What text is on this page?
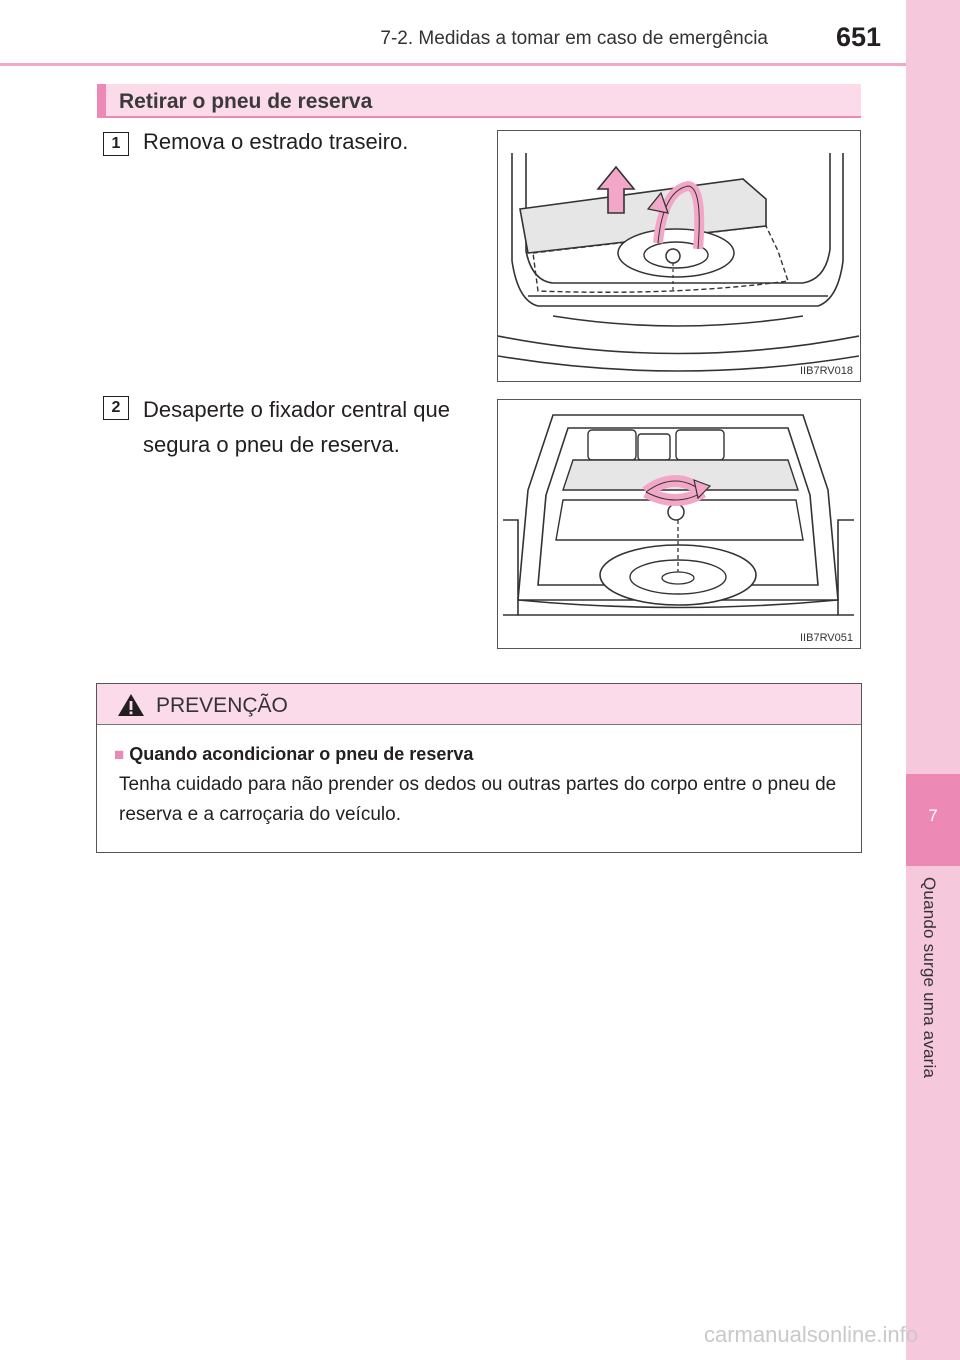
7-2. Medidas a tomar em caso de emergência	651
7
Quando surge uma avaria
Retirar o pneu de reserva
1	Remova o estrado traseiro.
IIB7RV018
2	Desaperte o fixador central que segura o pneu de reserva.
IIB7RV051
PREVENÇÃO
■ Quando acondicionar o pneu de reserva
Tenha cuidado para não prender os dedos ou outras partes do corpo entre o pneu de reserva e a carroçaria do veículo.
carmanualsonline.info
